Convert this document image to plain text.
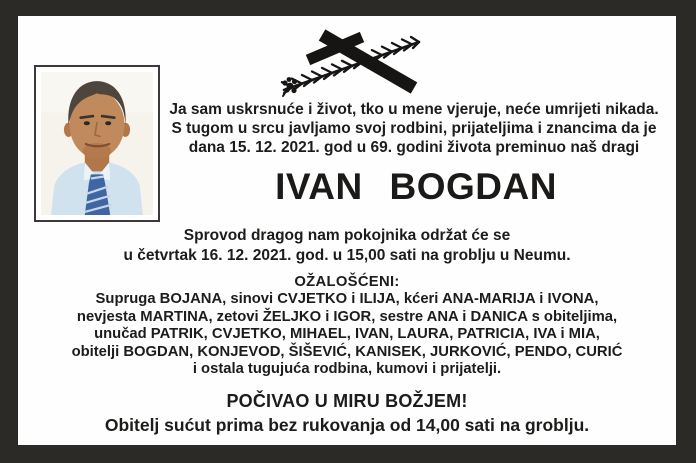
Ja sam uskrsnuće i život, tko u mene vjeruje, neće umrijeti nikada.
S tugom u srcu javljamo svoj rodbini, prijateljima i znancima da je
dana 15. 12. 2021. god u 69. godini života preminuo naš dragi
IVAN BOGDAN
Sprovod dragog nam pokojnika održat će se
u četvrtak 16. 12. 2021. god. u 15,00 sati na groblju u Neumu.
OŽALOŠĆENI:
Supruga BOJANA, sinovi CVJETKO i ILIJA, kćeri ANA-MARIJA i IVONA,
nevjesta MARTINA, zetovi ŽELJKO i IGOR, sestre ANA i DANICA s obiteljima,
unučad PATRIK, CVJETKO, MIHAEL, IVAN, LAURA, PATRICIA, IVA i MIA,
obitelji BOGDAN, KONJEVOD, ŠIŠEVIĆ, KANISEK, JURKOVIĆ, PENDO, CURIĆ
i ostala tugujuća rodbina, kumovi i prijatelji.
POČIVAO U MIRU BOŽJEM!
Obitelj sućut prima bez rukovanja od 14,00 sati na groblju.
